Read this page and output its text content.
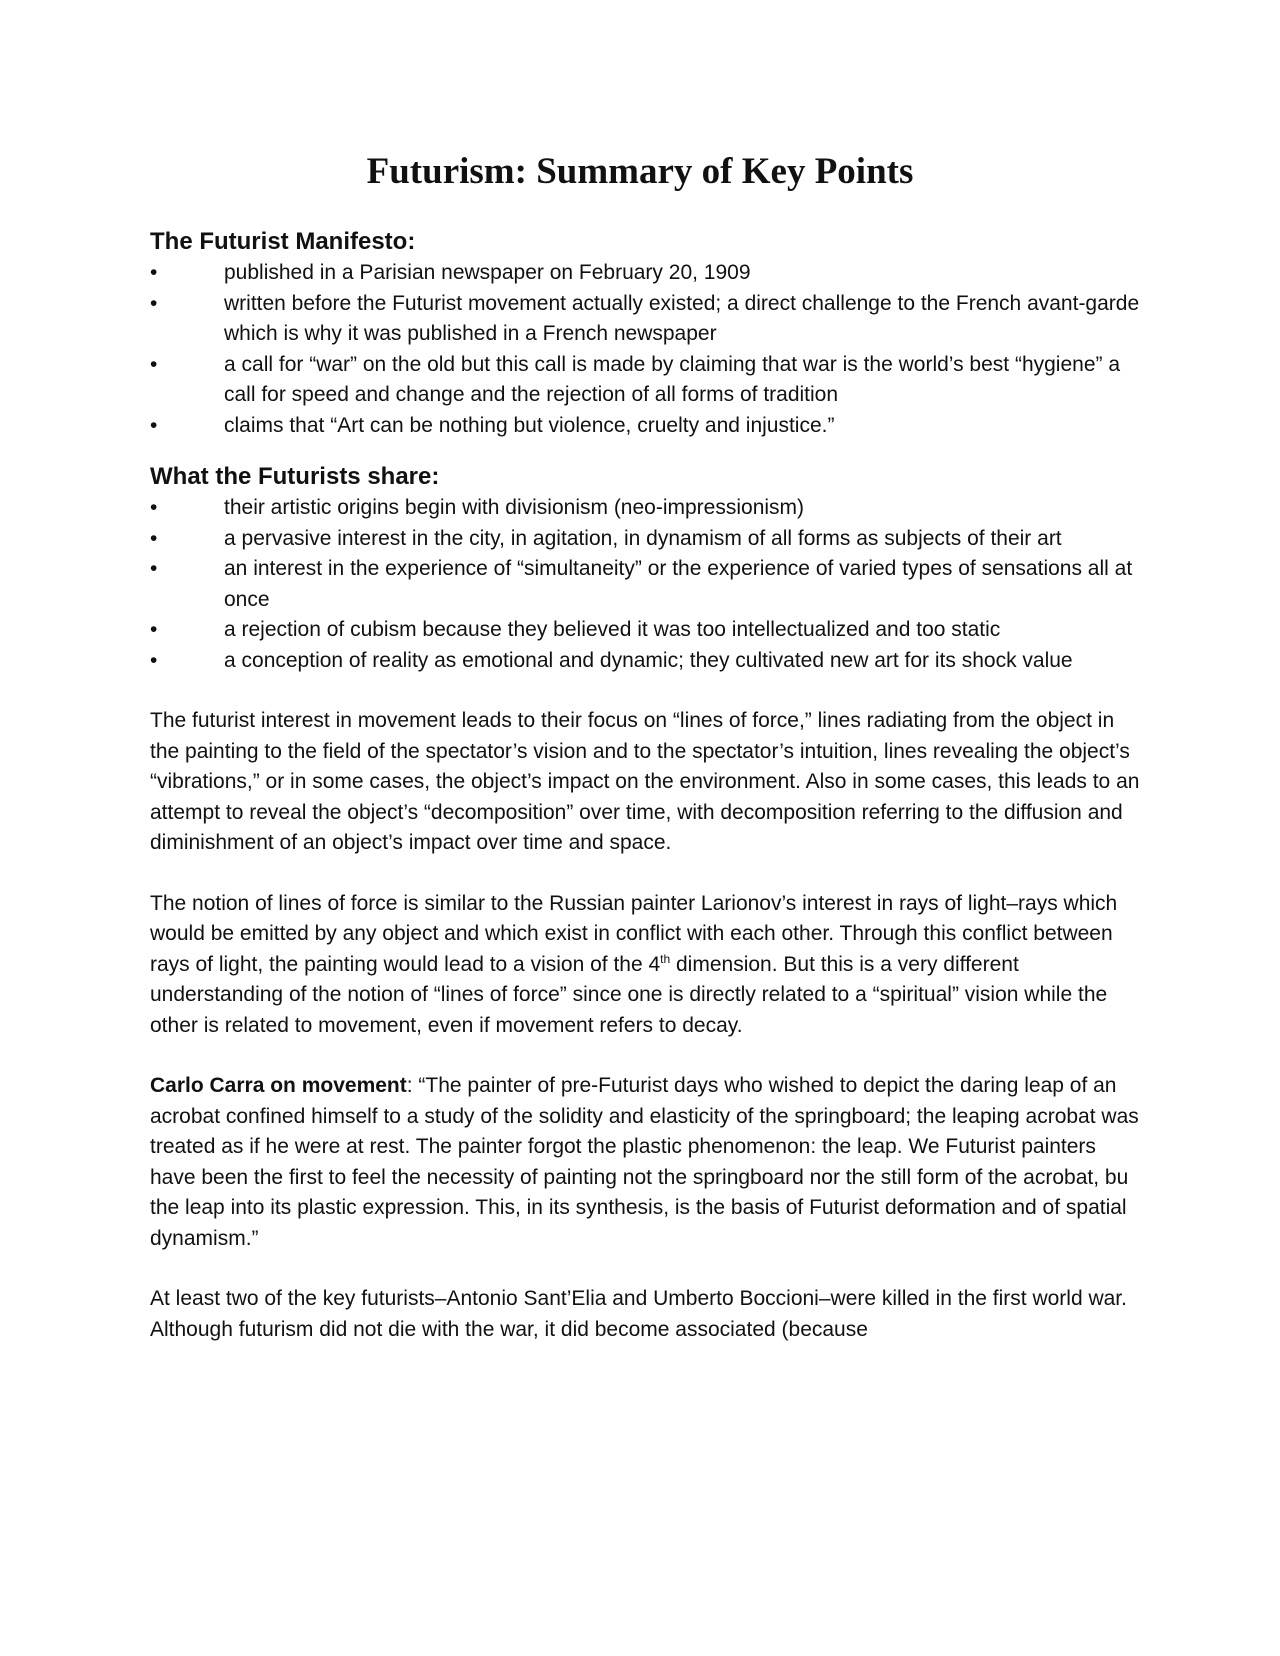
Futurism: Summary of Key Points
The Futurist Manifesto:
•	published in a Parisian newspaper on February 20, 1909
•	written before the Futurist movement actually existed; a direct challenge to the French avant-garde which is why it was published in a French newspaper
•	a call for “war” on the old but this call is made by claiming that war is the world’s best “hygiene” a call for speed and change and the rejection of all forms of tradition
•	claims that “Art can be nothing but violence, cruelty and injustice.”
What the Futurists share:
•	their artistic origins begin with divisionism (neo-impressionism)
•	a pervasive interest in the city, in agitation, in dynamism of all forms as subjects of their art
•	an interest in the experience of “simultaneity” or the experience of varied types of sensations all at once
•	a rejection of cubism because they believed it was too intellectualized and too static
•	a conception of reality as emotional and dynamic; they cultivated new art for its shock value

The futurist interest in movement leads to their focus on “lines of force,” lines radiating from the object in the painting to the field of the spectator’s vision and to the spectator’s intuition, lines revealing the object’s “vibrations,” or in some cases, the object’s impact on the environment. Also in some cases, this leads to an attempt to reveal the object’s “decomposition” over time, with decomposition referring to the diffusion and diminishment of an object’s impact over time and space.

The notion of lines of force is similar to the Russian painter Larionov’s interest in rays of light–rays which would be emitted by any object and which exist in conflict with each other. Through this conflict between rays of light, the painting would lead to a vision of the 4th dimension. But this is a very different understanding of the notion of “lines of force” since one is directly related to a “spiritual” vision while the other is related to movement, even if movement refers to decay.

Carlo Carra on movement: “The painter of pre-Futurist days who wished to depict the daring leap of an acrobat confined himself to a study of the solidity and elasticity of the springboard; the leaping acrobat was treated as if he were at rest. The painter forgot the plastic phenomenon: the leap. We Futurist painters have been the first to feel the necessity of painting not the springboard nor the still form of the acrobat, bu the leap into its plastic expression. This, in its synthesis, is the basis of Futurist deformation and of spatial dynamism.”

At least two of the key futurists–Antonio Sant’Elia and Umberto Boccioni–were killed in the first world war. Although futurism did not die with the war, it did become associated (because
